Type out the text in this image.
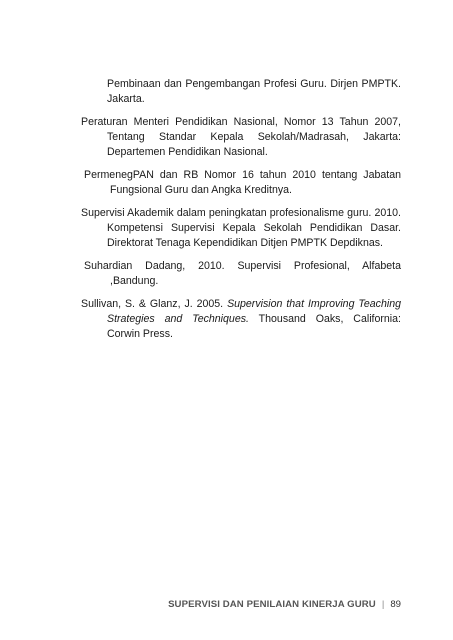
Pembinaan dan Pengembangan Profesi Guru. Dirjen PMPTK. Jakarta.

Peraturan Menteri Pendidikan Nasional, Nomor 13 Tahun 2007, Tentang Standar Kepala Sekolah/Madrasah, Jakarta: Departemen Pendidikan Nasional.

PermenegPAN dan RB Nomor 16 tahun 2010 tentang Jabatan Fungsional Guru dan Angka Kreditnya.

Supervisi Akademik dalam peningkatan profesionalisme guru. 2010. Kompetensi Supervisi Kepala Sekolah Pendidikan Dasar. Direktorat Tenaga Kependidikan Ditjen PMPTK Depdiknas.

Suhardian Dadang, 2010. Supervisi Profesional, Alfabeta ,Bandung.

Sullivan, S. & Glanz, J. 2005. Supervision that Improving Teaching Strategies and Techniques. Thousand Oaks, California: Corwin Press.

SUPERVISI DAN PENILAIAN KINERJA GURU | 89
